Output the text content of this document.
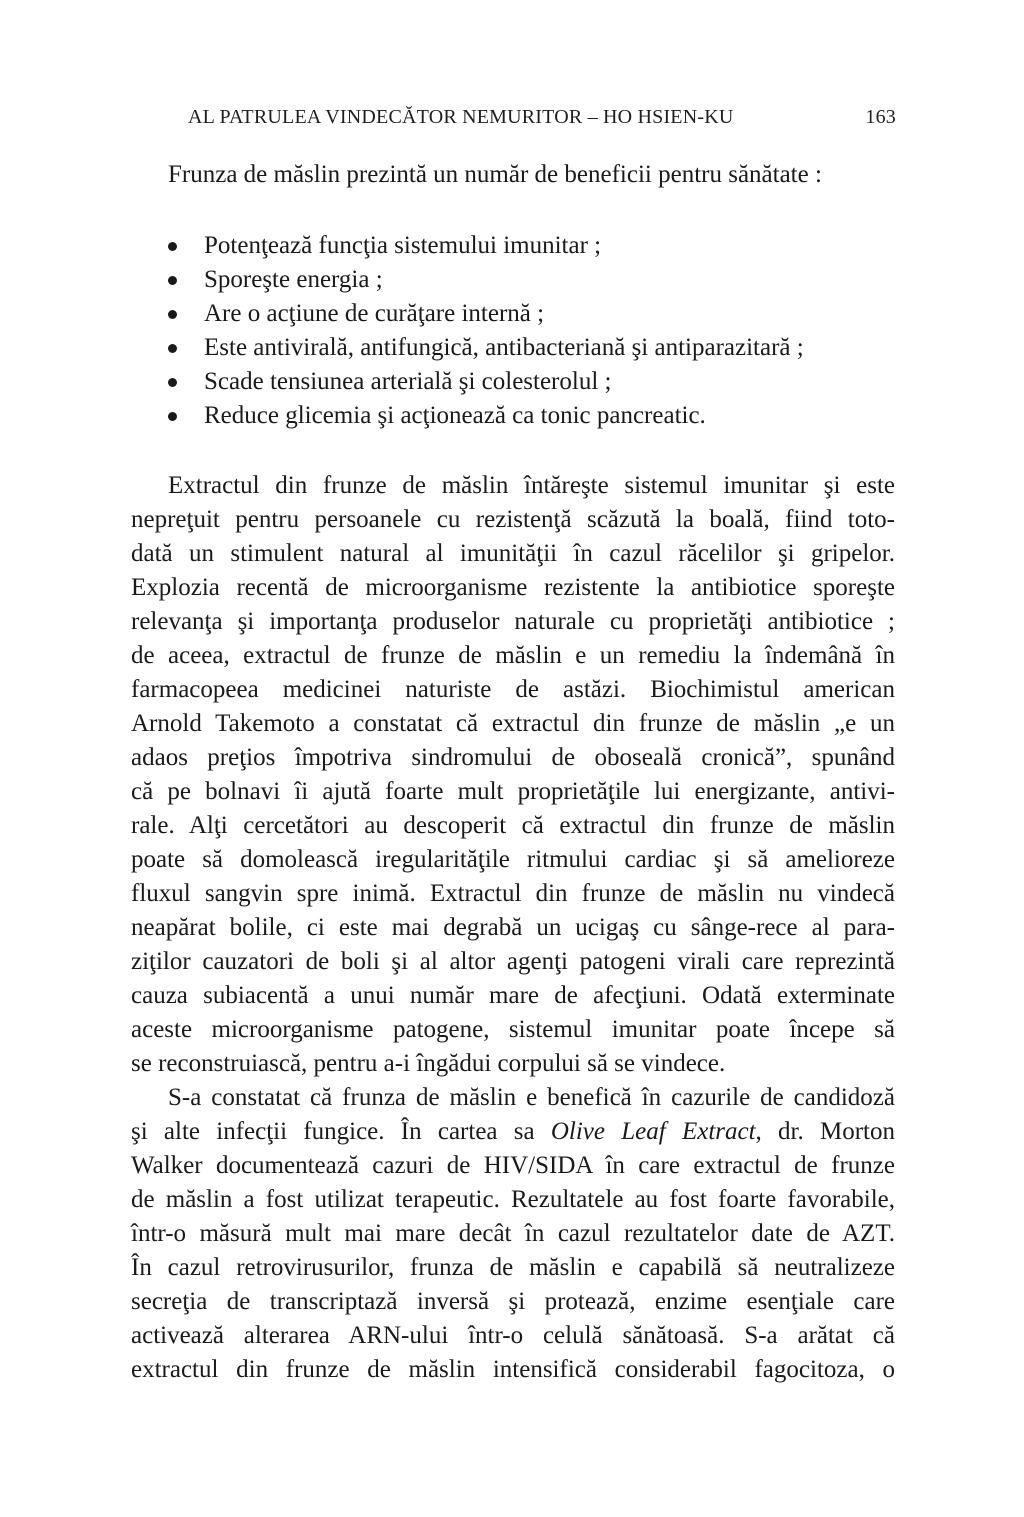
AL PATRULEA VINDECĂTOR NEMURITOR – HO HSIEN-KU	163
Frunza de măslin prezintă un număr de beneficii pentru sănătate :
Potenţează funcţia sistemului imunitar ;
Sporeşte energia ;
Are o acţiune de curăţare internă ;
Este antivirală, antifungică, antibacteriană şi antiparazitară ;
Scade tensiunea arterială şi colesterolul ;
Reduce glicemia şi acţionează ca tonic pancreatic.
Extractul din frunze de măslin întăreşte sistemul imunitar şi este
nepreţuit pentru persoanele cu rezistenţă scăzută la boală, fiind toto-
dată un stimulent natural al imunităţii în cazul răcelilor şi gripelor.
Explozia recentă de microorganisme rezistente la antibiotice sporeşte
relevanţa şi importanţa produselor naturale cu proprietăţi antibiotice ;
de aceea, extractul de frunze de măslin e un remediu la îndemână în
farmacopeea medicinei naturiste de astăzi. Biochimistul american
Arnold Takemoto a constatat că extractul din frunze de măslin „e un
adaos preţios împotriva sindromului de oboseală cronică”, spunând
că pe bolnavi îi ajută foarte mult proprietăţile lui energizante, antivi-
rale. Alţi cercetători au descoperit că extractul din frunze de măslin
poate să domolească iregularităţile ritmului cardiac şi să amelioreze
fluxul sangvin spre inimă. Extractul din frunze de măslin nu vindecă
neapărat bolile, ci este mai degrabă un ucigaş cu sânge-rece al para-
ziţilor cauzatori de boli şi al altor agenţi patogeni virali care reprezintă
cauza subiacentă a unui număr mare de afecţiuni. Odată exterminate
aceste microorganisme patogene, sistemul imunitar poate începe să
se reconstruiască, pentru a-i îngădui corpului să se vindece.
S-a constatat că frunza de măslin e benefică în cazurile de candidoză
şi alte infecţii fungice. În cartea sa Olive Leaf Extract, dr. Morton
Walker documentează cazuri de HIV/SIDA în care extractul de frunze
de măslin a fost utilizat terapeutic. Rezultatele au fost foarte favorabile,
într-o măsură mult mai mare decât în cazul rezultatelor date de AZT.
În cazul retrovirusurilor, frunza de măslin e capabilă să neutralizeze
secreţia de transcriptază inversă şi protează, enzime esenţiale care
activează alterarea ARN-ului într-o celulă sănătoasă. S-a arătat că
extractul din frunze de măslin intensifică considerabil fagocitoza, o
